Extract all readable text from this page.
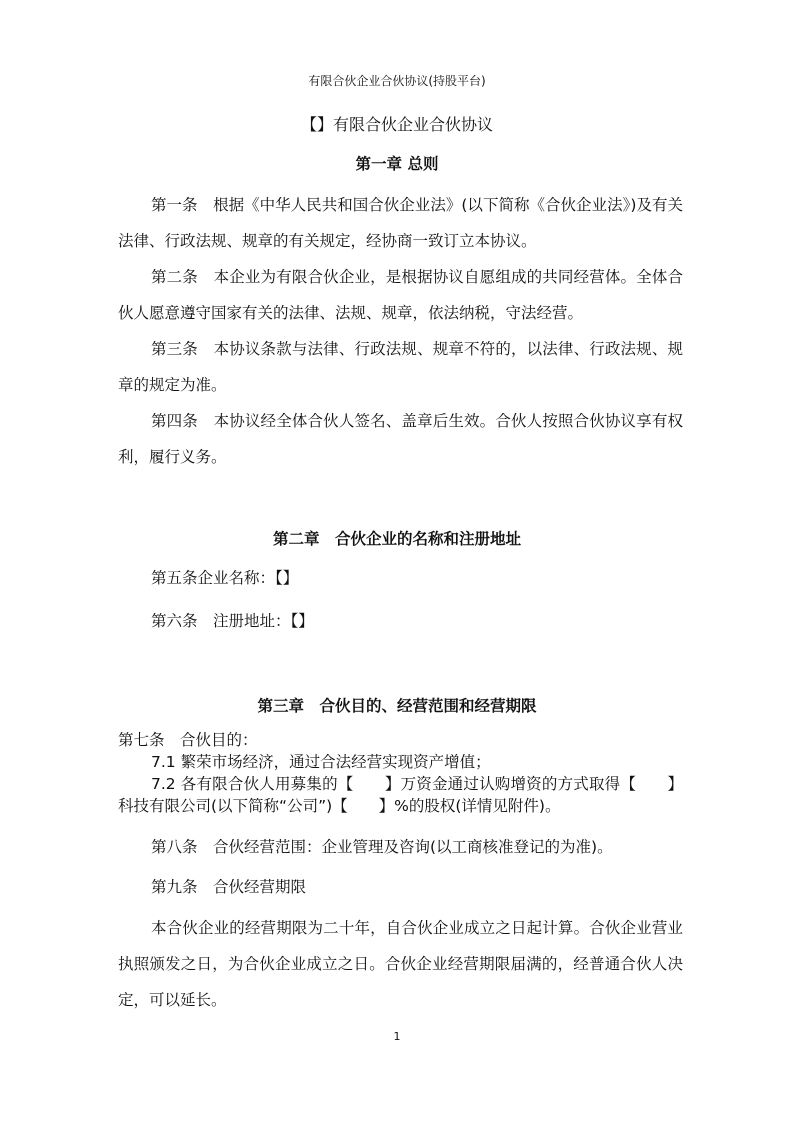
有限合伙企业合伙协议(持股平台)
【】有限合伙企业合伙协议
第一章 总则

第一条　根据《中华人民共和国合伙企业法》(以下简称《合伙企业法》)及有关法律、行政法规、规章的有关规定，经协商一致订立本协议。

第二条　本企业为有限合伙企业，是根据协议自愿组成的共同经营体。全体合伙人愿意遵守国家有关的法律、法规、规章，依法纳税，守法经营。

第三条　本协议条款与法律、行政法规、规章不符的，以法律、行政法规、规章的规定为准。

第四条　本协议经全体合伙人签名、盖章后生效。合伙人按照合伙协议享有权利，履行义务。

第二章　合伙企业的名称和注册地址

第五条企业名称：【】

第六条　注册地址：【】

第三章　合伙目的、经营范围和经营期限

第七条　合伙目的：
7.1 繁荣市场经济，通过合法经营实现资产增值；
7.2 各有限合伙人用募集的【　　】万资金通过认购增资的方式取得【　　】科技有限公司(以下简称“公司”)【　　】%的股权(详情见附件)。

第八条　合伙经营范围：企业管理及咨询(以工商核准登记的为准)。

第九条　合伙经营期限

本合伙企业的经营期限为二十年，自合伙企业成立之日起计算。合伙企业营业执照颁发之日，为合伙企业成立之日。合伙企业经营期限届满的，经普通合伙人决定，可以延长。

1
